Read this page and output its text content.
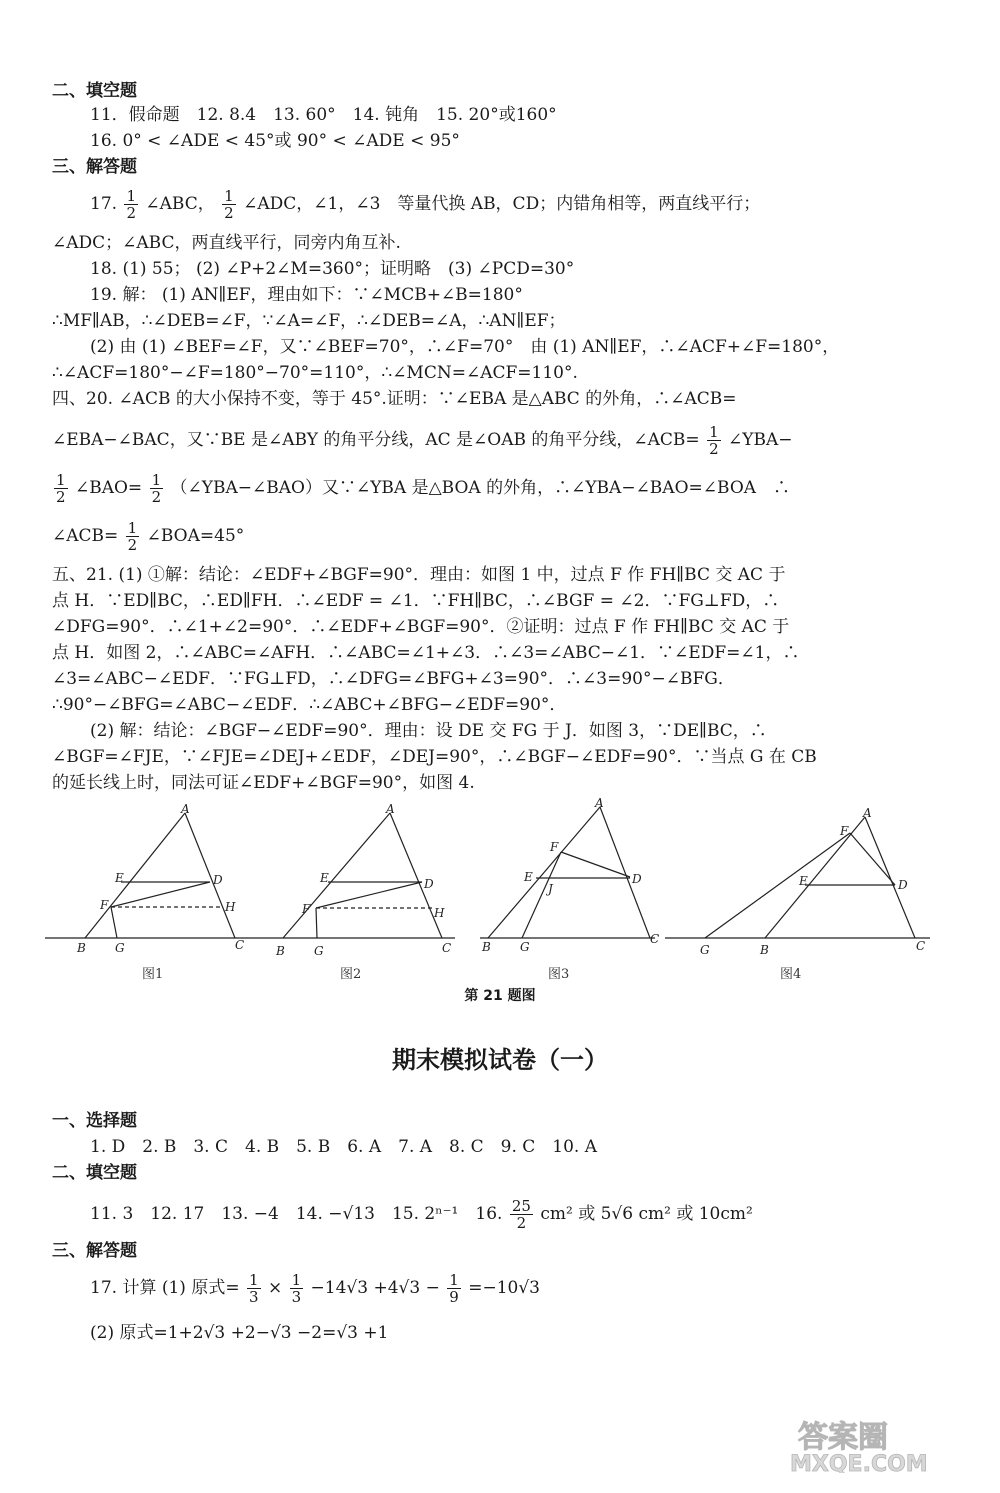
二、填空题
11．假命题　12. 8.4　13. 60°　14. 钝角　15. 20°或160°
16. 0° < ∠ADE < 45°或 90° < ∠ADE < 95°
三、解答题
17. $\frac{1}{2}$ ∠ABC， $\frac{1}{2}$ ∠ADC，∠1，∠3　等量代换 AB，CD；内错角相等，两直线平行；
∠ADC；∠ABC，两直线平行，同旁内角互补.
18. (1) 55； (2) ∠P+2∠M=360°；证明略　(3) ∠PCD=30°
19. 解： (1) AN∥EF，理由如下：∵∠MCB+∠B=180°
∴MF∥AB，∴∠DEB=∠F，∵∠A=∠F，∴∠DEB=∠A，∴AN∥EF；
(2) 由 (1) ∠BEF=∠F，又∵∠BEF=70°，∴∠F=70°　由 (1) AN∥EF，∴∠ACF+∠F=180°，
∴∠ACF=180°−∠F=180°−70°=110°，∴∠MCN=∠ACF=110°.
四、20. ∠ACB 的大小保持不变，等于 45°.证明：∵∠EBA 是△ABC 的外角，∴∠ACB=
∠EBA−∠BAC，又∵BE 是∠ABY 的角平分线，AC 是∠OAB 的角平分线，∠ACB= $\frac{1}{2}$ ∠YBA−
$\frac{1}{2}$ ∠BAO= $\frac{1}{2}$ （∠YBA−∠BAO）又∵∠YBA 是△BOA 的外角，∴∠YBA−∠BAO=∠BOA　∴
∠ACB= $\frac{1}{2}$ ∠BOA=45°
五、21. (1) ①解：结论：∠EDF+∠BGF=90°．理由：如图 1 中，过点 F 作 FH∥BC 交 AC 于
点 H．∵ED∥BC，∴ED∥FH．∴∠EDF = ∠1．∵FH∥BC，∴∠BGF = ∠2．∵FG⊥FD，∴
∠DFG=90°．∴∠1+∠2=90°．∴∠EDF+∠BGF=90°．②证明：过点 F 作 FH∥BC 交 AC 于
点 H．如图 2，∴∠ABC=∠AFH．∴∠ABC=∠1+∠3．∴∠3=∠ABC−∠1．∵∠EDF=∠1，∴
∠3=∠ABC−∠EDF．∵FG⊥FD，∴∠DFG=∠BFG+∠3=90°．∴∠3=90°−∠BFG．
∴90°−∠BFG=∠ABC−∠EDF．∴∠ABC+∠BFG−∠EDF=90°．
(2) 解：结论：∠BGF−∠EDF=90°．理由：设 DE 交 FG 于 J．如图 3，∵DE∥BC，∴
∠BGF=∠FJE，∵∠FJE=∠DEJ+∠EDF，∠DEJ=90°，∴∠BGF−∠EDF=90°．∵当点 G 在 CB
的延长线上时，同法可证∠EDF+∠BGF=90°，如图 4.
A
E	D
F	H
B G	C
A
E	D
F	H
B G	C
A
F
E	D
J
B G
C
A
F
E	D
G	B	C
图1	图2	图3	图4
第 21 题图
期末模拟试卷（一）
一、选择题
1. D　2. B　3. C　4. B　5. B　6. A　7. A　8. C　9. C　10. A
二、填空题
11. 3　12. 17　13. −4　14. −√13　15. 2ⁿ⁻¹　16. $\frac{25}{2} cm^2$ 或 5√6 cm² 或 10cm²
三、解答题
17. 计算 (1) 原式= $\frac{1}{3} \times \frac{1}{3} -14√3 +4√3 - \frac{1}{9} =-10√3$
(2) 原式=1+2√3 +2−√3 −2=√3 +1
答案圈
MXQE.COM
